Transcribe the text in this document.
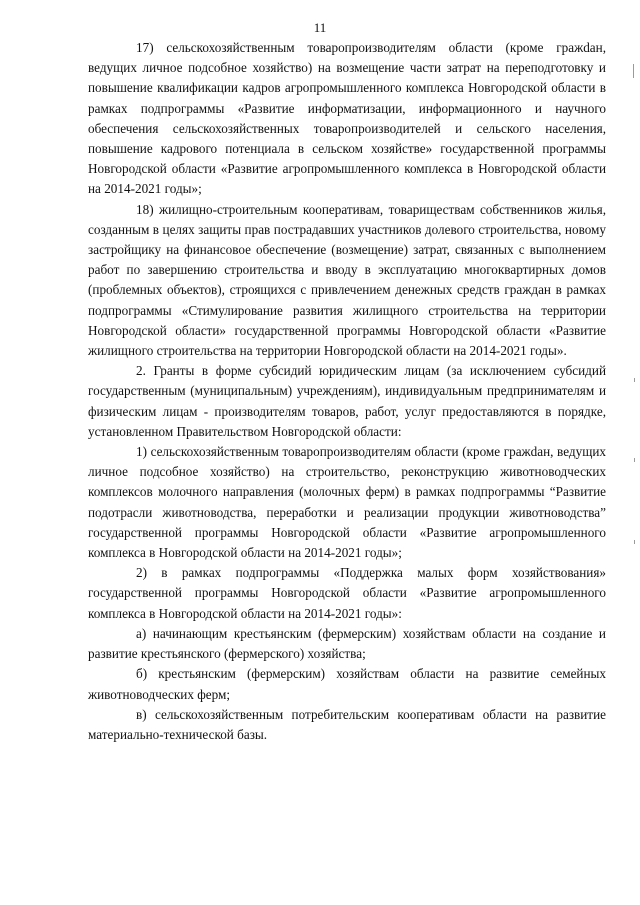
11

17) сельскохозяйственным товаропроизводителям области (кроме гражdан, ведущих личное подсобное хозяйство) на возмещение части затрат на переподготовку и повышение квалификации кадров агропромышленного комплекса Новгородской области в рамках подпрограммы «Развитие информатизации, информационного и научного обеспечения сельскохозяйственных товаропроизводителей и сельского населения, повышение кадрового потенциала в сельском хозяйстве» государственной программы Новгородской области «Развитие агропромышленного комплекса в Новгородской области на 2014-2021 годы»;

18) жилищно-строительным кооперативам, товариществам собственников жилья, созданным в целях защиты прав пострадавших участников долевого строительства, новому застройщику на финансовое обеспечение (возмещение) затрат, связанных с выполнением работ по завершению строительства и вводу в эксплуатацию многоквартирных домов (проблемных объектов), строящихся с привлечением денежных средств граждан в рамках подпрограммы «Стимулирование развития жилищного строительства на территории Новгородской области» государственной программы Новгородской области «Развитие жилищного строительства на территории Новгородской области на 2014-2021 годы».

2. Гранты в форме субсидий юридическим лицам (за исключением субсидий государственным (муниципальным) учреждениям), индивидуальным предпринимателям и физическим лицам - производителям товаров, работ, услуг предоставляются в порядке, установленном Правительством Новгородской области:

1) сельскохозяйственным товаропроизводителям области (кроме гражdан, ведущих личное подсобное хозяйство) на строительство, реконструкцию животноводческих комплексов молочного направления (молочных ферм) в рамках подпрограммы “Развитие подотрасли животноводства, переработки и реализации продукции животноводства” государственной программы Новгородской области «Развитие агропромышленного комплекса в Новгородской области на 2014-2021 годы»;

2) в рамках подпрограммы «Поддержка малых форм хозяйствования» государственной программы Новгородской области «Развитие агропромышленного комплекса в Новгородской области на 2014-2021 годы»:

а) начинающим крестьянским (фермерским) хозяйствам области на создание и развитие крестьянского (фермерского) хозяйства;

б) крестьянским (фермерским) хозяйствам области на развитие семейных животноводческих ферм;

в) сельскохозяйственным потребительским кооперативам области на развитие материально-технической базы.
